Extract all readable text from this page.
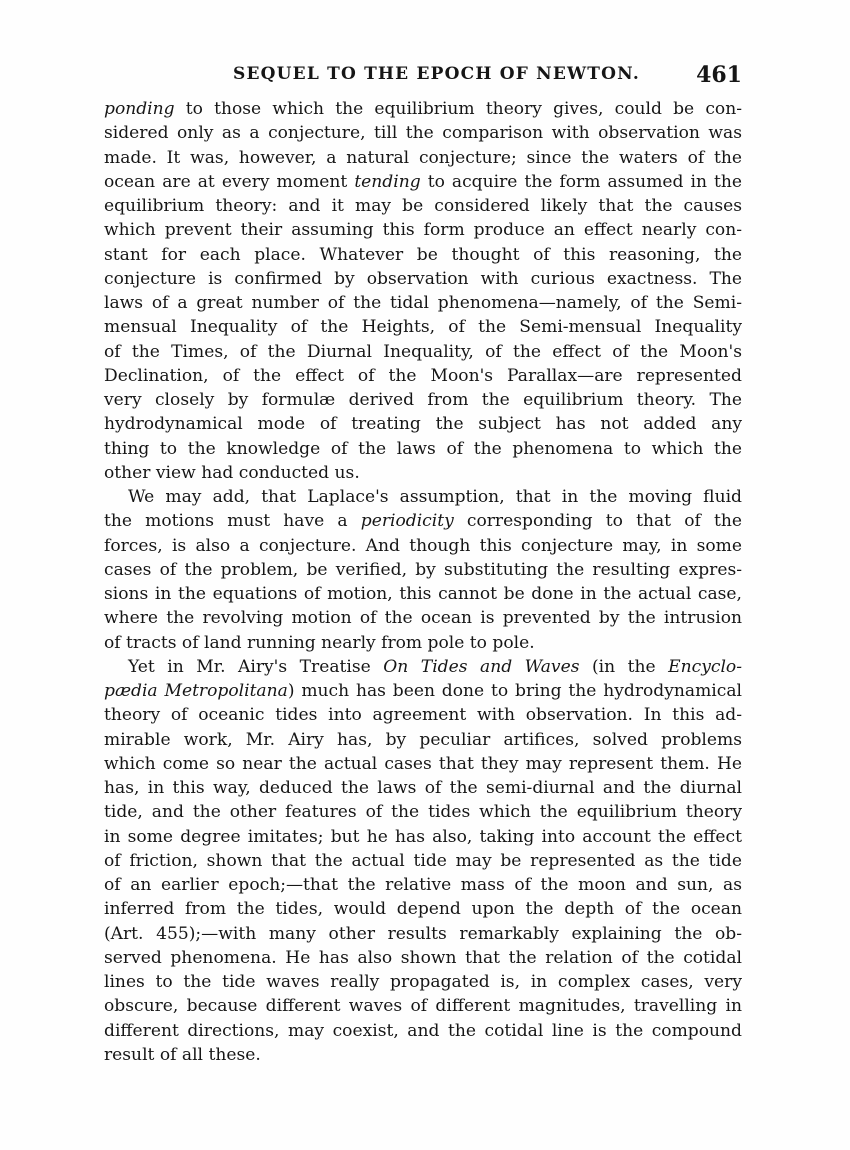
SEQUEL TO THE EPOCH OF NEWTON.	461
ponding to those which the equilibrium theory gives, could be con-
sidered only as a conjecture, till the comparison with observation was
made. It was, however, a natural conjecture; since the waters of the
ocean are at every moment tending to acquire the form assumed in the
equilibrium theory: and it may be considered likely that the causes
which prevent their assuming this form produce an effect nearly con-
stant for each place. Whatever be thought of this reasoning, the
conjecture is confirmed by observation with curious exactness. The
laws of a great number of the tidal phenomena—namely, of the Semi-
mensual Inequality of the Heights, of the Semi-mensual Inequality
of the Times, of the Diurnal Inequality, of the effect of the Moon's
Declination, of the effect of the Moon's Parallax—are represented
very closely by formulæ derived from the equilibrium theory. The
hydrodynamical mode of treating the subject has not added any
thing to the knowledge of the laws of the phenomena to which the
other view had conducted us.
We may add, that Laplace's assumption, that in the moving fluid
the motions must have a periodicity corresponding to that of the
forces, is also a conjecture. And though this conjecture may, in some
cases of the problem, be verified, by substituting the resulting expres-
sions in the equations of motion, this cannot be done in the actual case,
where the revolving motion of the ocean is prevented by the intrusion
of tracts of land running nearly from pole to pole.
Yet in Mr. Airy's Treatise On Tides and Waves (in the Encyclo-
pædia Metropolitana) much has been done to bring the hydrodynamical
theory of oceanic tides into agreement with observation. In this ad-
mirable work, Mr. Airy has, by peculiar artifices, solved problems
which come so near the actual cases that they may represent them. He
has, in this way, deduced the laws of the semi-diurnal and the diurnal
tide, and the other features of the tides which the equilibrium theory
in some degree imitates; but he has also, taking into account the effect
of friction, shown that the actual tide may be represented as the tide
of an earlier epoch;—that the relative mass of the moon and sun, as
inferred from the tides, would depend upon the depth of the ocean
(Art. 455);—with many other results remarkably explaining the ob-
served phenomena. He has also shown that the relation of the cotidal
lines to the tide waves really propagated is, in complex cases, very
obscure, because different waves of different magnitudes, travelling in
different directions, may coexist, and the cotidal line is the compound
result of all these.
